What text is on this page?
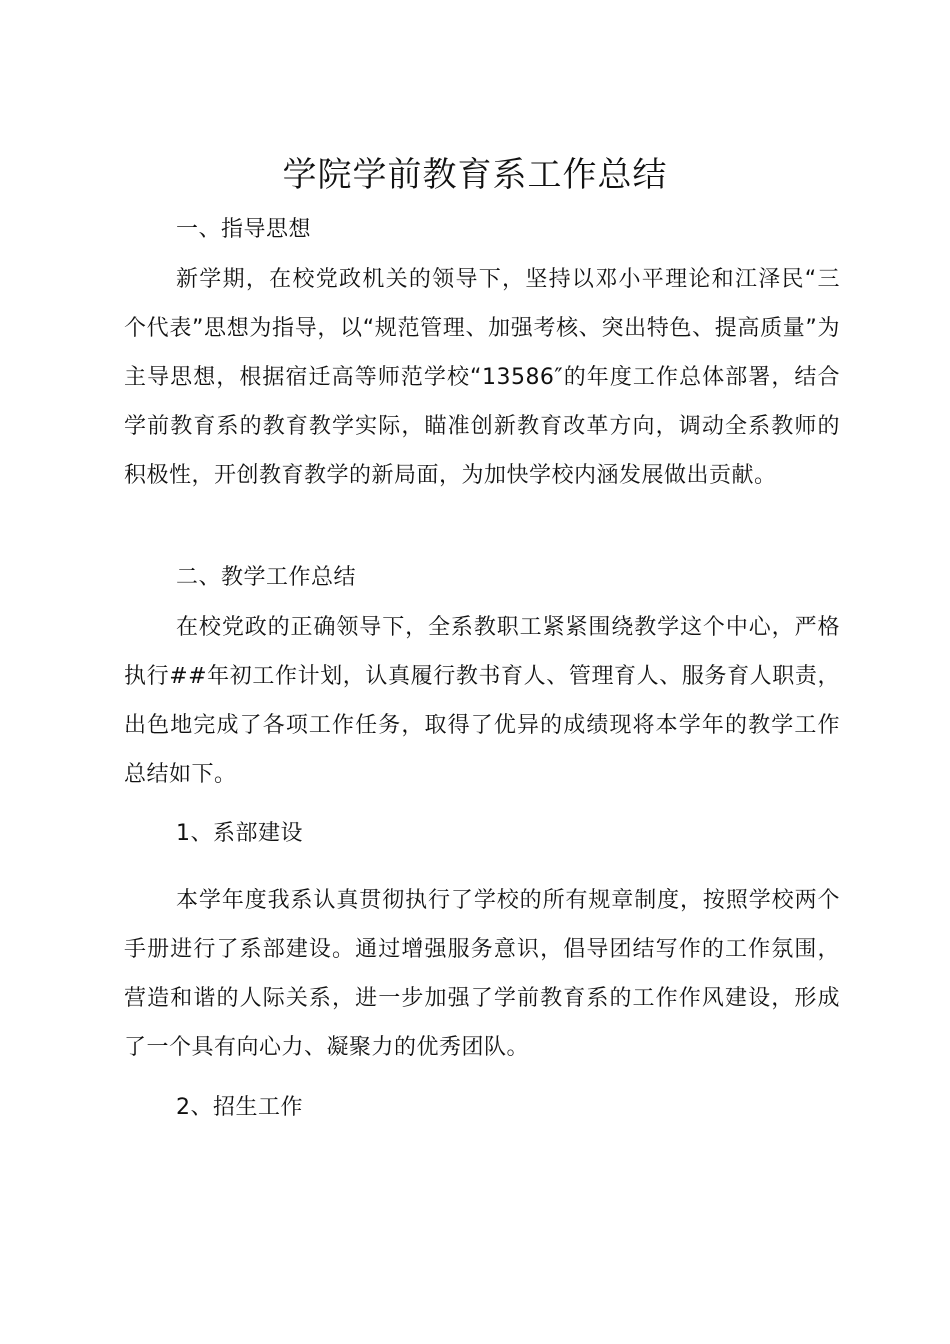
学院学前教育系工作总结
一、指导思想
新学期，在校党政机关的领导下，坚持以邓小平理论和江泽民“三个代表”思想为指导，以“规范管理、加强考核、突出特色、提高质量”为主导思想，根据宿迁高等师范学校“13586″的年度工作总体部署，结合学前教育系的教育教学实际，瞄准创新教育改革方向，调动全系教师的积极性，开创教育教学的新局面，为加快学校内涵发展做出贡献。
二、教学工作总结
在校党政的正确领导下，全系教职工紧紧围绕教学这个中心，严格执行##年初工作计划，认真履行教书育人、管理育人、服务育人职责，出色地完成了各项工作任务，取得了优异的成绩现将本学年的教学工作总结如下。
1、系部建设
本学年度我系认真贯彻执行了学校的所有规章制度，按照学校两个手册进行了系部建设。通过增强服务意识，倡导团结写作的工作氛围，营造和谐的人际关系，进一步加强了学前教育系的工作作风建设，形成了一个具有向心力、凝聚力的优秀团队。
2、招生工作
